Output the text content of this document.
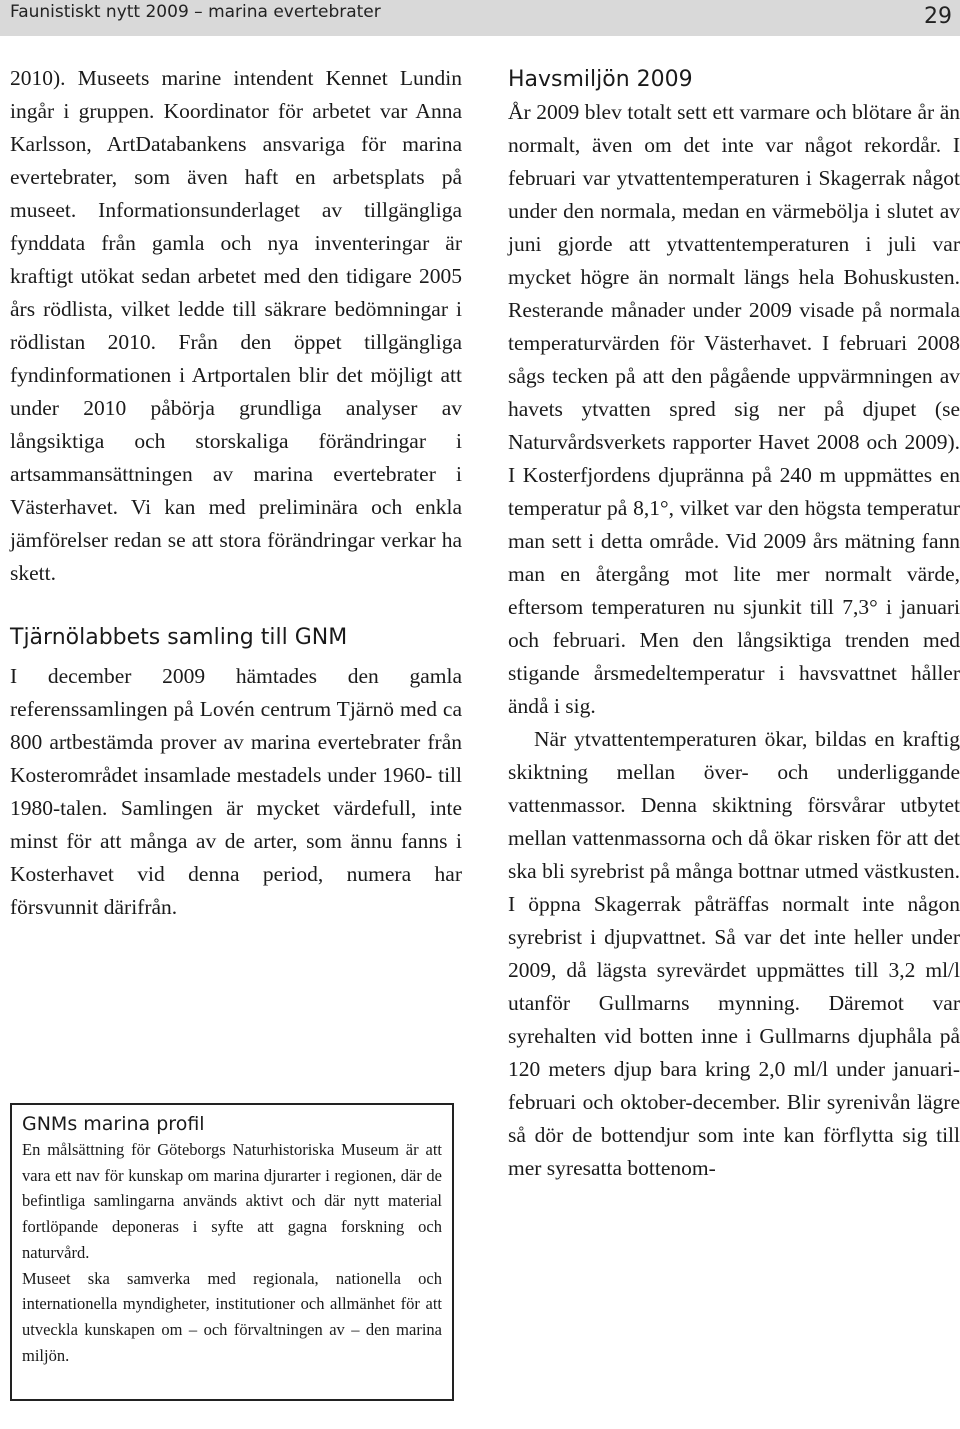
Faunistiskt nytt 2009 – marina evertebrater	29

2010). Museets marine intendent Kennet Lundin ingår i gruppen. Koordinator för arbetet var Anna Karlsson, ArtDatabankens ansvariga för marina evertebrater, som även haft en arbetsplats på museet. Informationsunderlaget av tillgängliga fynddata från gamla och nya inventeringar är kraftigt utökat sedan arbetet med den tidigare 2005 års rödlista, vilket ledde till säkrare bedömningar i rödlistan 2010. Från den öppet tillgängliga fyndinformationen i Artportalen blir det möjligt att under 2010 påbörja grundliga analyser av långsiktiga och storskaliga förändringar i artsammansättningen av marina evertebrater i Västerhavet. Vi kan med preliminära och enkla jämförelser redan se att stora förändringar verkar ha skett.

Tjärnölabbets samling till GNM

I december 2009 hämtades den gamla referenssamlingen på Lovén centrum Tjärnö med ca 800 artbestämda prover av marina evertebrater från Kosterområdet insamlade mestadels under 1960- till 1980-talen. Samlingen är mycket värdefull, inte minst för att många av de arter, som ännu fanns i Kosterhavet vid denna period, numera har försvunnit därifrån.

GNMs marina profil

En målsättning för Göteborgs Naturhistoriska Museum är att vara ett nav för kunskap om marina djurarter i regionen, där de befintliga samlingarna används aktivt och där nytt material fortlöpande deponeras i syfte att gagna forskning och naturvård.

Museet ska samverka med regionala, nationella och internationella myndigheter, institutioner och allmänhet för att utveckla kunskapen om – och förvaltningen av – den marina miljön.

Havsmiljön 2009

År 2009 blev totalt sett ett varmare och blötare år än normalt, även om det inte var något rekordår. I februari var ytvattentemperaturen i Skagerrak något under den normala, medan en värmebölja i slutet av juni gjorde att ytvattentemperaturen i juli var mycket högre än normalt längs hela Bohuskusten. Resterande månader under 2009 visade på normala temperaturvärden för Västerhavet. I februari 2008 sågs tecken på att den pågående uppvärmningen av havets ytvatten spred sig ner på djupet (se Naturvårdsverkets rapporter Havet 2008 och 2009). I Kosterfjordens djupränna på 240 m uppmättes en temperatur på 8,1°, vilket var den högsta temperatur man sett i detta område. Vid 2009 års mätning fann man en återgång mot lite mer normalt värde, eftersom temperaturen nu sjunkit till 7,3° i januari och februari. Men den långsiktiga trenden med stigande årsmedeltemperatur i havsvattnet håller ändå i sig.

När ytvattentemperaturen ökar, bildas en kraftig skiktning mellan över- och underliggande vattenmassor. Denna skiktning försvårar utbytet mellan vattenmassorna och då ökar risken för att det ska bli syrebrist på många bottnar utmed västkusten. I öppna Skagerrak påträffas normalt inte någon syrebrist i djupvattnet. Så var det inte heller under 2009, då lägsta syrevärdet uppmättes till 3,2 ml/l utanför Gullmarns mynning. Däremot var syrehalten vid botten inne i Gullmarns djuphåla på 120 meters djup bara kring 2,0 ml/l under januari-februari och oktober-december. Blir syrenivån lägre så dör de bottendjur som inte kan förflytta sig till mer syresatta bottenom-
